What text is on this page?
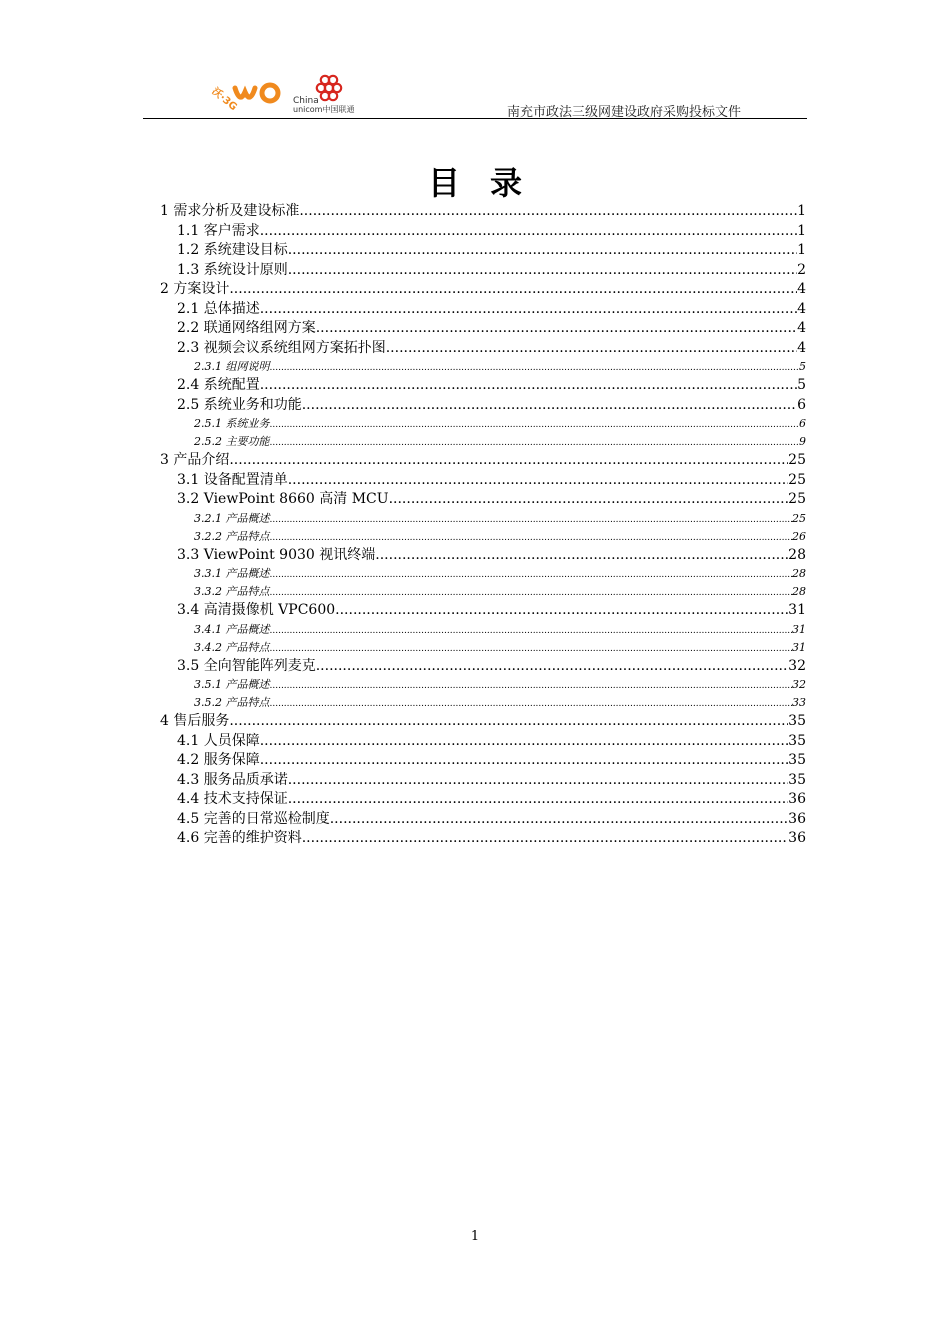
沃·3G	China
unicom中国联通	南充市政法三级网建设政府采购投标文件
目录
1 需求分析及建设标准 .....	1
1.1 客户需求 .....	1
1.2 系统建设目标 .....	1
1.3 系统设计原则 .....	2
2 方案设计 .....	4
2.1 总体描述 .....	4
2.2 联通网络组网方案 .....	4
2.3 视频会议系统组网方案拓扑图 .....	4
2.3.1 组网说明 .....	5
2.4 系统配置 .....	5
2.5 系统业务和功能 .....	6
2.5.1 系统业务 .....	6
2.5.2 主要功能 .....	9
3 产品介绍 .....	25
3.1 设备配置清单 .....	25
3.2 ViewPoint 8660 高清 MCU .....	25
3.2.1 产品概述 .....	25
3.2.2 产品特点 .....	26
3.3 ViewPoint 9030 视讯终端 .....	28
3.3.1 产品概述 .....	28
3.3.2 产品特点 .....	28
3.4 高清摄像机 VPC600 .....	31
3.4.1 产品概述 .....	31
3.4.2 产品特点 .....	31
3.5 全向智能阵列麦克 .....	32
3.5.1 产品概述 .....	32
3.5.2 产品特点 .....	33
4 售后服务 .....	35
4.1 人员保障 .....	35
4.2 服务保障 .....	35
4.3 服务品质承诺 .....	35
4.4 技术支持保证 .....	36
4.5 完善的日常巡检制度 .....	36
4.6 完善的维护资料 .....	36
1
